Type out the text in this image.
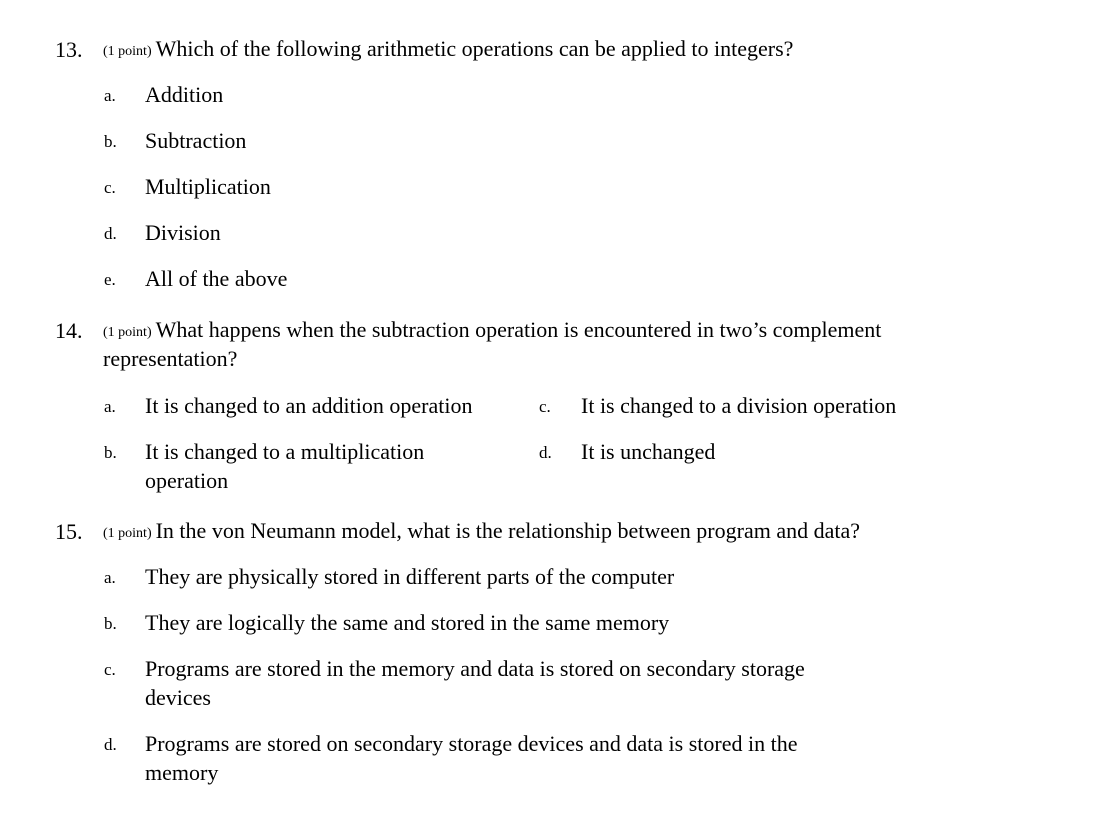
13. (1 point) Which of the following arithmetic operations can be applied to integers?
a. Addition
b. Subtraction
c. Multiplication
d. Division
e. All of the above
14. (1 point) What happens when the subtraction operation is encountered in two’s complement
representation?
a. It is changed to an addition operation
b. It is changed to a multiplication
operation
c. It is changed to a division operation
d. It is unchanged
15. (1 point) In the von Neumann model, what is the relationship between program and data?
a. They are physically stored in different parts of the computer
b. They are logically the same and stored in the same memory
c. Programs are stored in the memory and data is stored on secondary storage
devices
d. Programs are stored on secondary storage devices and data is stored in the
memory
